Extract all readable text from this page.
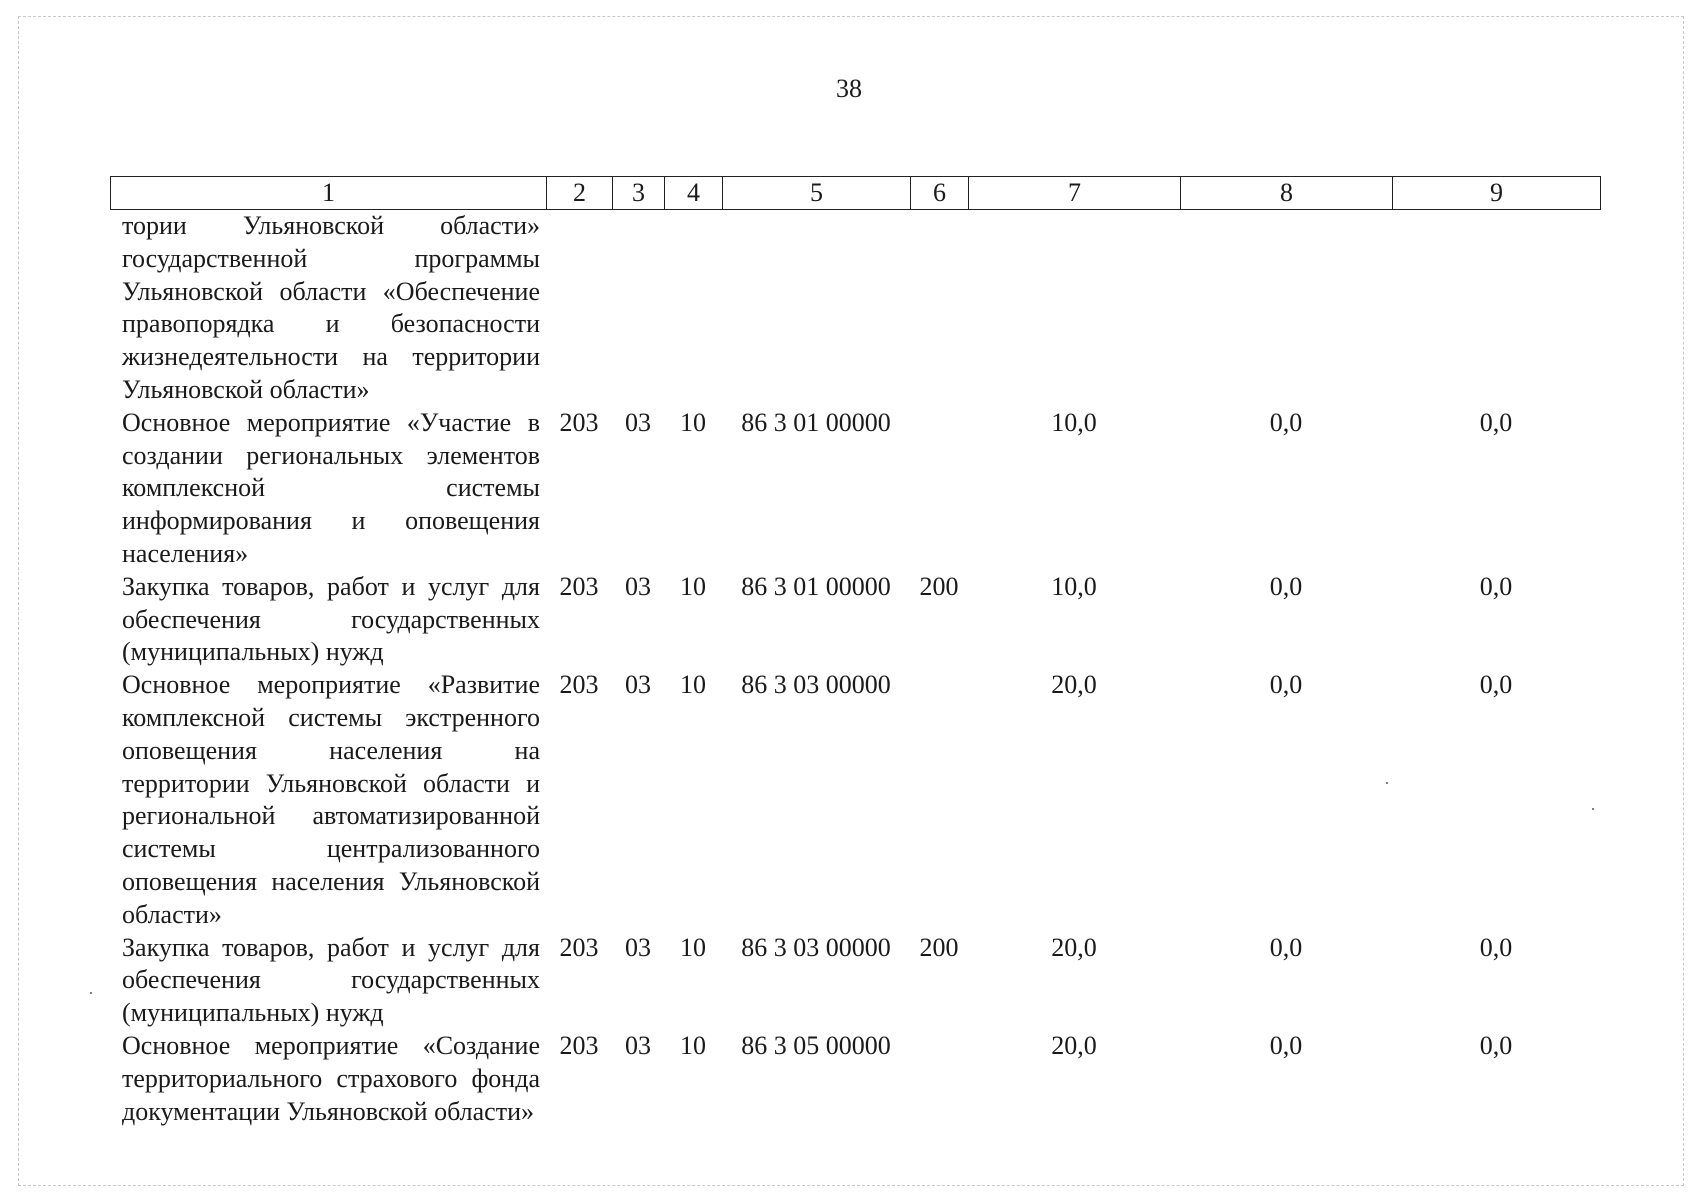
38
1	2	3	4	5	6	7	8	9
тории Ульяновской области» государственной программы Ульяновской области «Обеспечение правопорядка и безопасности жизнедеятельности на территории Ульяновской области»								
Основное мероприятие «Участие в создании региональных элементов комплексной системы информирования и оповещения населения»	203	03	10	86 3 01 00000		10,0	0,0	0,0
Закупка товаров, работ и услуг для обеспечения государственных (муниципальных) нужд	203	03	10	86 3 01 00000	200	10,0	0,0	0,0
Основное мероприятие «Развитие комплексной системы экстренного оповещения населения на территории Ульяновской области и региональной автоматизированной системы централизованного оповещения населения Ульяновской области»	203	03	10	86 3 03 00000		20,0	0,0	0,0
Закупка товаров, работ и услуг для обеспечения государственных (муниципальных) нужд	203	03	10	86 3 03 00000	200	20,0	0,0	0,0
Основное мероприятие «Создание территориального страхового фонда документации Ульяновской области»	203	03	10	86 3 05 00000		20,0	0,0	0,0
